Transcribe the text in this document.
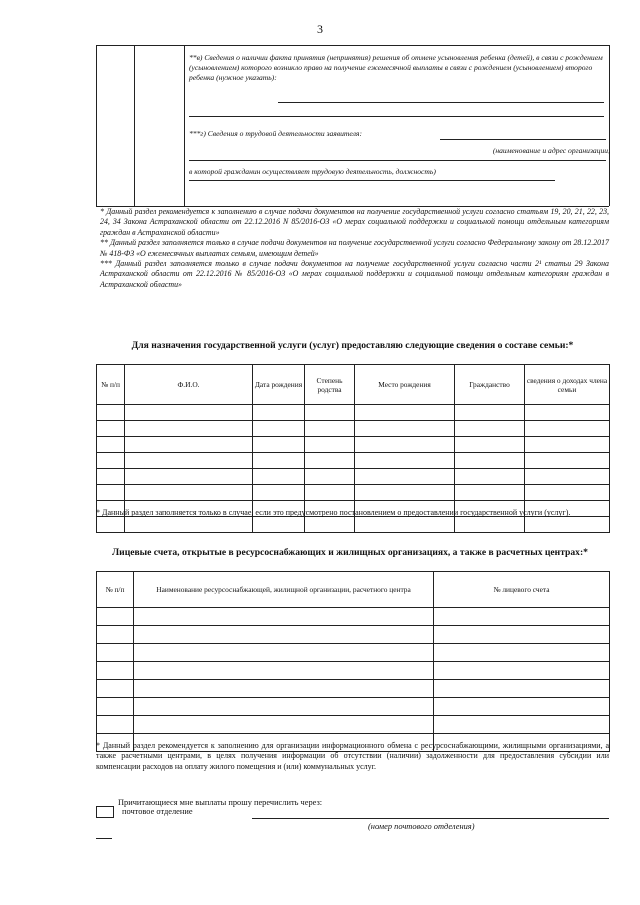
3
**в) Сведения о наличии факта принятия (непринятия) решения об отмене усыновления ребенка (детей), в связи с рождением (усыновлением) которого возникло право на получение ежемесячной выплаты в связи с рождением (усыновлением) второго ребенка (нужное указать):
***г) Сведения о трудовой деятельности заявителя:
(наименование и адрес организации,
в которой гражданин осуществляет трудовую деятельность, должность)
* Данный раздел рекомендуется к заполнению в случае подачи документов на получение государственной услуги согласно статьям 19, 20, 21, 22, 23, 24, 34 Закона Астраханской области от 22.12.2016 N 85/2016-ОЗ «О мерах социальной поддержки и социальной помощи отдельным категориям граждан в Астраханской области»
** Данный раздел заполняется только в случае подачи документов на получение государственной услуги согласно Федеральному закону от 28.12.2017 № 418-ФЗ «О ежемесячных выплатах семьям, имеющим детей»
*** Данный раздел заполняется только в случае подачи документов на получение государственной услуги согласно части 2¹ статьи 29 Закона Астраханской области от 22.12.2016 № 85/2016-ОЗ «О мерах социальной поддержки и социальной помощи отдельным категориям граждан в Астраханской области»
Для назначения государственной услуги (услуг) предоставляю следующие сведения о составе семьи:*
№ п/п	Ф.И.О.	Дата рождения	Степень родства	Место рождения	Гражданство	сведения о доходах члена семьи

* Данный раздел заполняется только в случае, если это предусмотрено постановлением о предоставлении государственной услуги (услуг).
Лицевые счета, открытые в ресурсоснабжающих и жилищных организациях, а также в расчетных центрах:*
№ п/п	Наименование ресурсоснабжающей, жилищной организации, расчетного центра	№ лицевого счета

* Данный раздел рекомендуется к заполнению для организации информационного обмена с ресурсоснабжающими, жилищными организациями, а также расчетными центрами, в целях получения информации об отсутствии (наличии) задолженности для предоставления субсидии или компенсации расходов на оплату жилого помещения и (или) коммунальных услуг.
Причитающиеся мне выплаты прошу перечислить через:
почтовое отделение
(номер почтового отделения)
